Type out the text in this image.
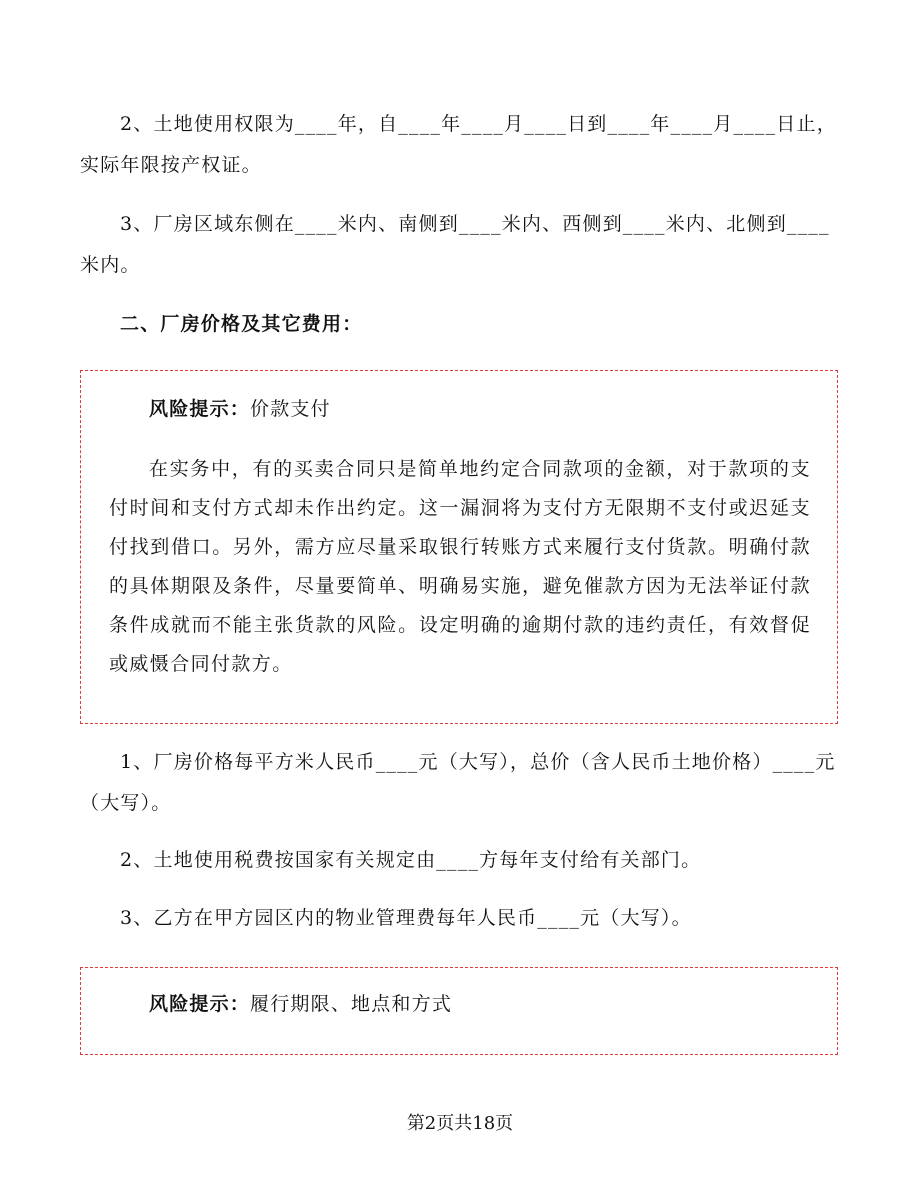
2、土地使用权限为____年，自____年____月____日到____年____月____日止，实际年限按产权证。

3、厂房区域东侧在____米内、南侧到____米内、西侧到____米内、北侧到____米内。

二、厂房价格及其它费用：

风险提示：价款支付

在实务中，有的买卖合同只是简单地约定合同款项的金额，对于款项的支付时间和支付方式却未作出约定。这一漏洞将为支付方无限期不支付或迟延支付找到借口。另外，需方应尽量采取银行转账方式来履行支付货款。明确付款的具体期限及条件，尽量要简单、明确易实施，避免催款方因为无法举证付款条件成就而不能主张货款的风险。设定明确的逾期付款的违约责任，有效督促或威慑合同付款方。

1、厂房价格每平方米人民币____元（大写），总价（含人民币土地价格）____元（大写）。

2、土地使用税费按国家有关规定由____方每年支付给有关部门。

3、乙方在甲方园区内的物业管理费每年人民币____元（大写）。

风险提示：履行期限、地点和方式
第2页共18页
